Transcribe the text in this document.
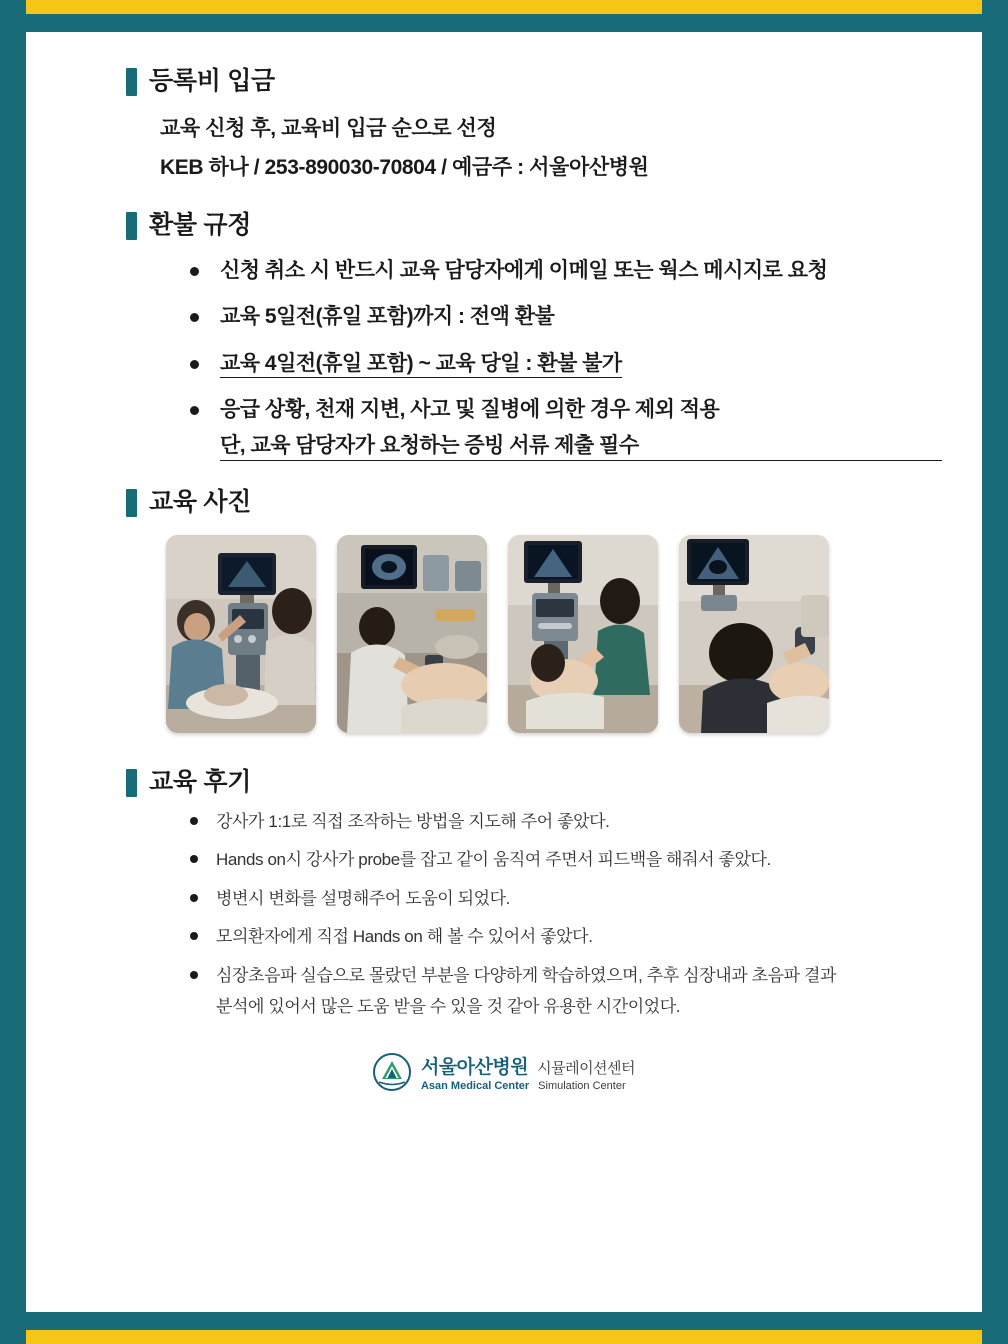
등록비 입금
교육 신청 후, 교육비 입금 순으로 선정
KEB 하나 / 253-890030-70804 / 예금주 : 서울아산병원
환불 규정
신청 취소 시 반드시 교육 담당자에게 이메일 또는 웍스 메시지로 요청
교육 5일전(휴일 포함)까지 : 전액 환불
교육 4일전(휴일 포함) ~ 교육 당일 : 환불 불가
응급 상황, 천재 지변, 사고 및 질병에 의한 경우 제외 적용
단, 교육 담당자가 요청하는 증빙 서류 제출 필수
교육 사진
교육 후기
강사가 1:1로 직접 조작하는 방법을 지도해 주어 좋았다.
Hands on시 강사가 probe를 잡고 같이 움직여 주면서 피드백을 해줘서 좋았다.
병변시 변화를 설명해주어 도움이 되었다.
모의환자에게 직접 Hands on 해 볼 수 있어서 좋았다.
심장초음파 실습으로 몰랐던 부분을 다양하게 학습하였으며, 추후 심장내과 초음파 결과
분석에 있어서 많은 도움 받을 수 있을 것 같아 유용한 시간이었다.
서울아산병원 시뮬레이션센터
Asan Medical Center Simulation Center
